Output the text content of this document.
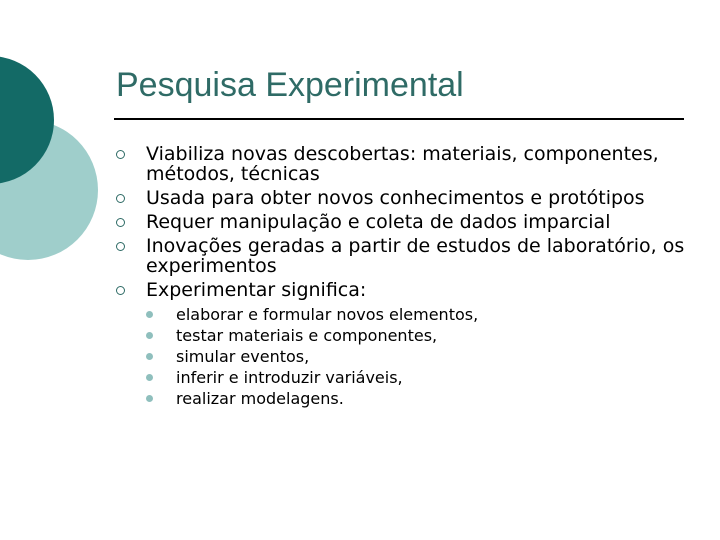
Pesquisa Experimental
Viabiliza novas descobertas: materiais, componentes, métodos, técnicas
Usada para obter novos conhecimentos e protótipos
Requer manipulação e coleta de dados imparcial
Inovações geradas a partir de estudos de laboratório, os experimentos
Experimentar significa:
elaborar e formular novos elementos,
testar materiais e componentes,
simular eventos,
inferir e introduzir variáveis,
realizar modelagens.
